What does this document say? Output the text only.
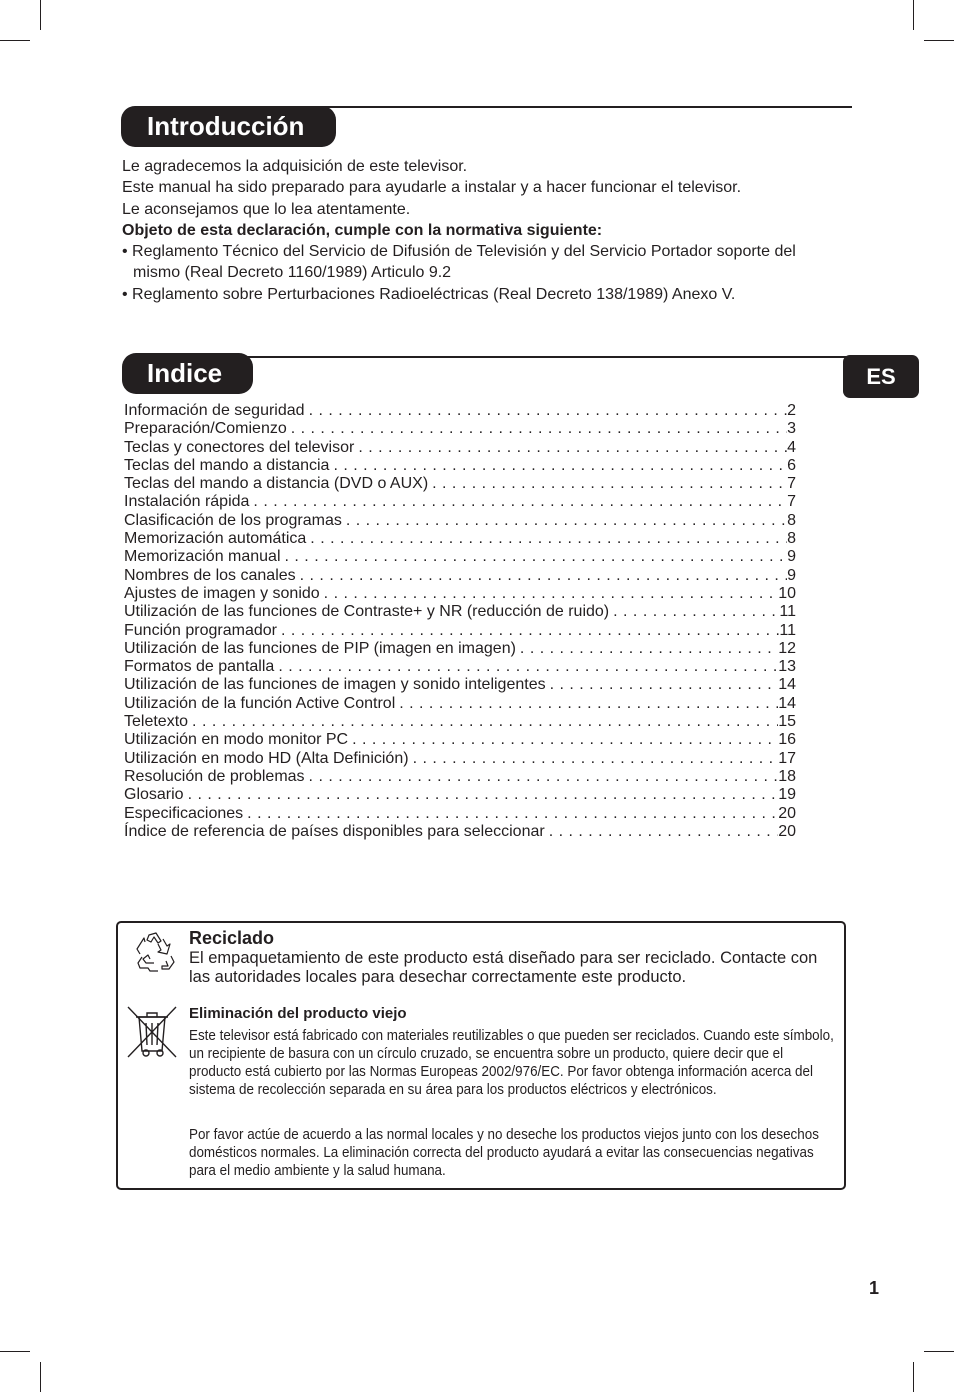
Introducción

Le agradecemos la adquisición de este televisor.

Este manual ha sido preparado para ayudarle a instalar y a hacer funcionar el televisor.

Le aconsejamos que lo lea atentamente.

Objeto de esta declaración, cumple con la normativa siguiente:

• Reglamento Técnico del Servicio de Difusión de Televisión y del Servicio Portador soporte del mismo (Real Decreto 1160/1989) Articulo 9.2

• Reglamento sobre Perturbaciones Radioeléctricas (Real Decreto 138/1989) Anexo V.

Indice	ES
Información de seguridad . . .	2
Preparación/Comienzo . . .	3
Teclas y conectores del televisor . . .	4
Teclas del mando a distancia . . .	6
Teclas del mando a distancia (DVD o AUX) . . .	7
Instalación rápida . . .	7
Clasificación de los programas . . .	8
Memorización automática . . .	8
Memorización manual . . .	9
Nombres de los canales . . .	9
Ajustes de imagen y sonido . . .	10
Utilización de las funciones de Contraste+ y NR (reducción de ruido) . . .	11
Función programador . . .	11
Utilización de las funciones de PIP (imagen en imagen) . . .	12
Formatos de pantalla . . .	13
Utilización de las funciones de imagen y sonido inteligentes . . .	14
Utilización de la función Active Control . . .	14
Teletexto . . .	15
Utilización en modo monitor PC . . .	16
Utilización en modo HD (Alta Definición) . . .	17
Resolución de problemas . . .	18
Glosario . . .	19
Especificaciones . . .	20
Índice de referencia de países disponibles para seleccionar . . .	20
Reciclado
El empaquetamiento de este producto está diseñado para ser reciclado. Contacte con las autoridades locales para desechar correctamente este producto.
Eliminación del producto viejo
Este televisor está fabricado con materiales reutilizables o que pueden ser reciclados. Cuando este símbolo, un recipiente de basura con un círculo cruzado, se encuentra sobre un producto, quiere decir que el producto está cubierto por las Normas Europeas 2002/976/EC. Por favor obtenga información acerca del sistema de recolección separada en su área para los productos eléctricos y electrónicos.
Por favor actúe de acuerdo a las normal locales y no deseche los productos viejos junto con los desechos domésticos normales. La eliminación correcta del producto ayudará a evitar las consecuencias negativas para el medio ambiente y la salud humana.
1
